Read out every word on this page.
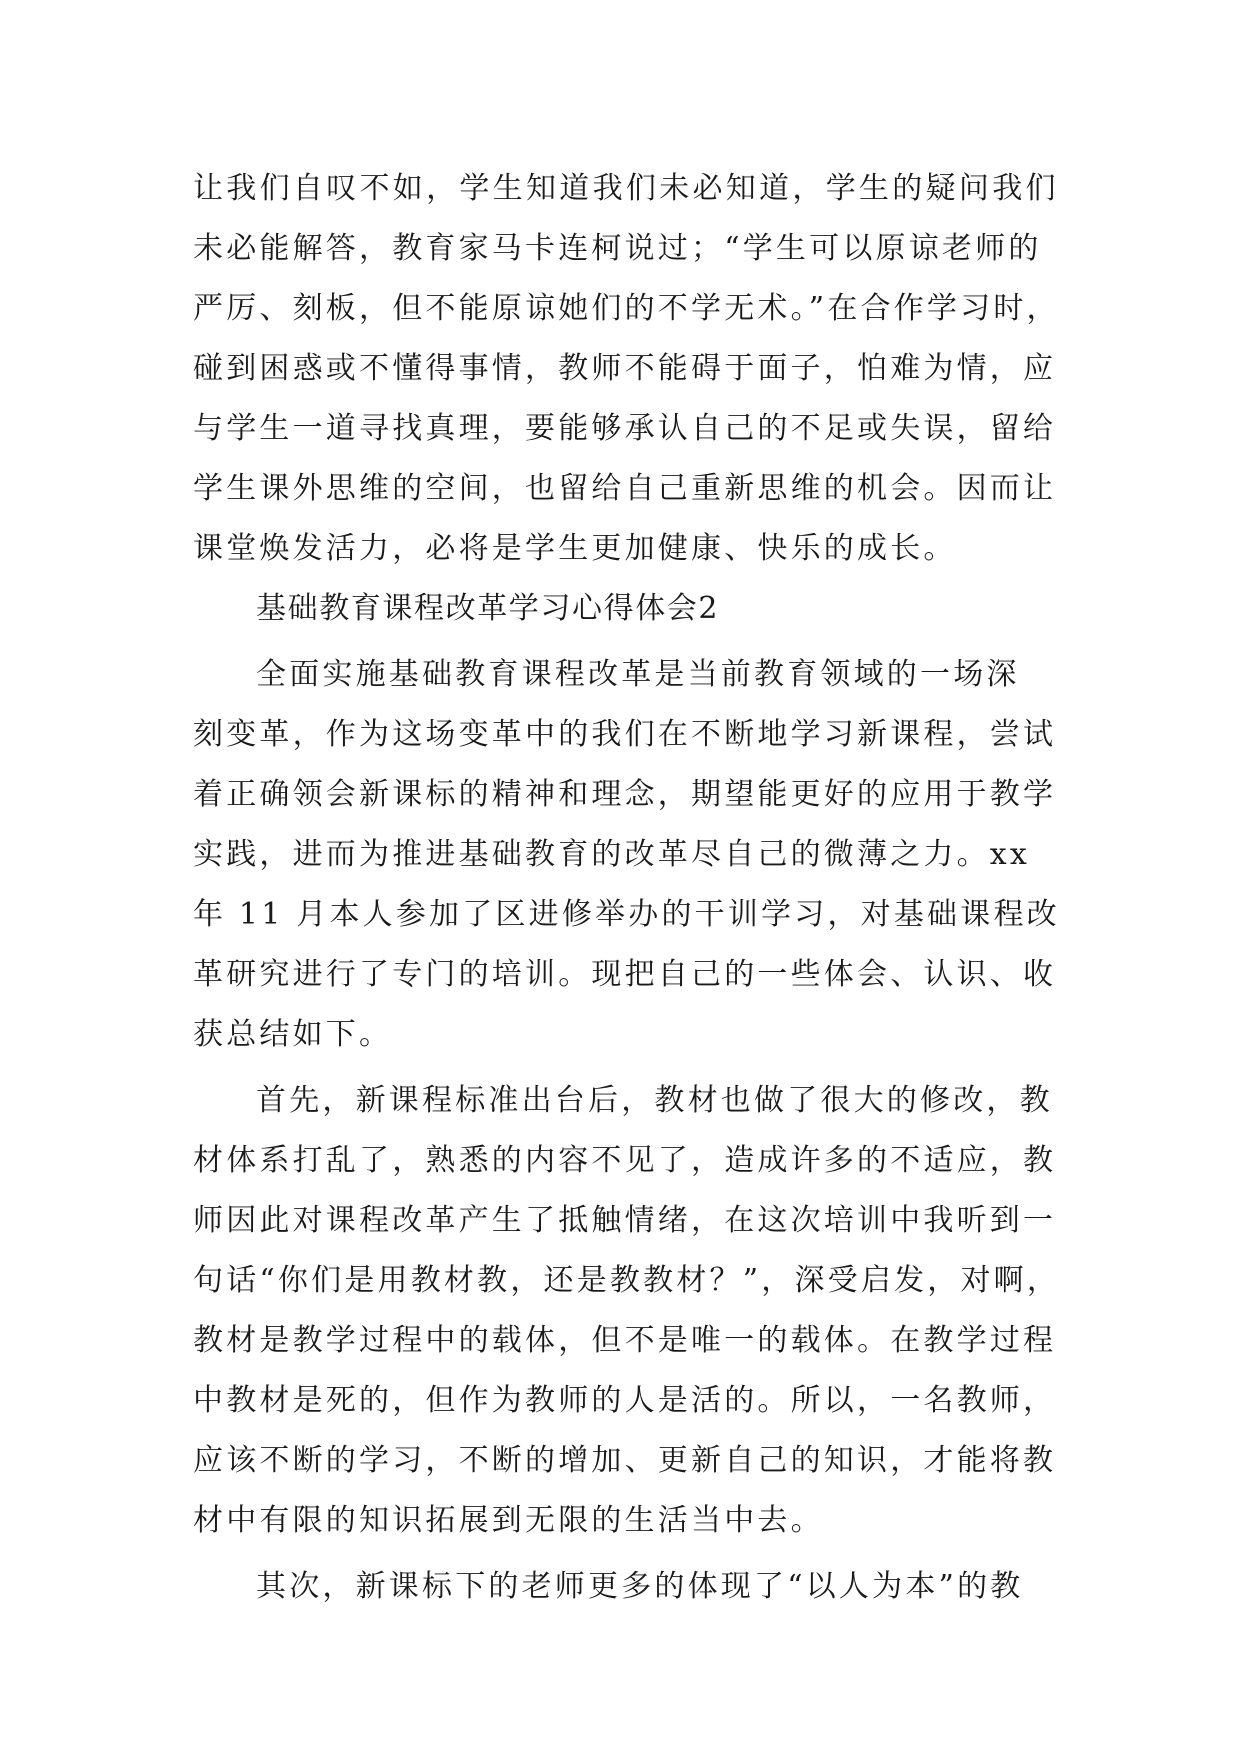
让我们自叹不如，学生知道我们未必知道，学生的疑问我们
未必能解答，教育家马卡连柯说过；“学生可以原谅老师的
严厉、刻板，但不能原谅她们的不学无术。”在合作学习时，
碰到困惑或不懂得事情，教师不能碍于面子，怕难为情，应
与学生一道寻找真理，要能够承认自己的不足或失误，留给
学生课外思维的空间，也留给自己重新思维的机会。因而让
课堂焕发活力，必将是学生更加健康、快乐的成长。
基础教育课程改革学习心得体会2
全面实施基础教育课程改革是当前教育领域的一场深
刻变革，作为这场变革中的我们在不断地学习新课程，尝试
着正确领会新课标的精神和理念，期望能更好的应用于教学
实践，进而为推进基础教育的改革尽自己的微薄之力。xx
年 11 月本人参加了区进修举办的干训学习，对基础课程改
革研究进行了专门的培训。现把自己的一些体会、认识、收
获总结如下。
首先，新课程标准出台后，教材也做了很大的修改，教
材体系打乱了，熟悉的内容不见了，造成许多的不适应，教
师因此对课程改革产生了抵触情绪，在这次培训中我听到一
句话“你们是用教材教，还是教教材？”，深受启发，对啊，
教材是教学过程中的载体，但不是唯一的载体。在教学过程
中教材是死的，但作为教师的人是活的。所以，一名教师，
应该不断的学习，不断的增加、更新自己的知识，才能将教
材中有限的知识拓展到无限的生活当中去。
其次，新课标下的老师更多的体现了“以人为本”的教
